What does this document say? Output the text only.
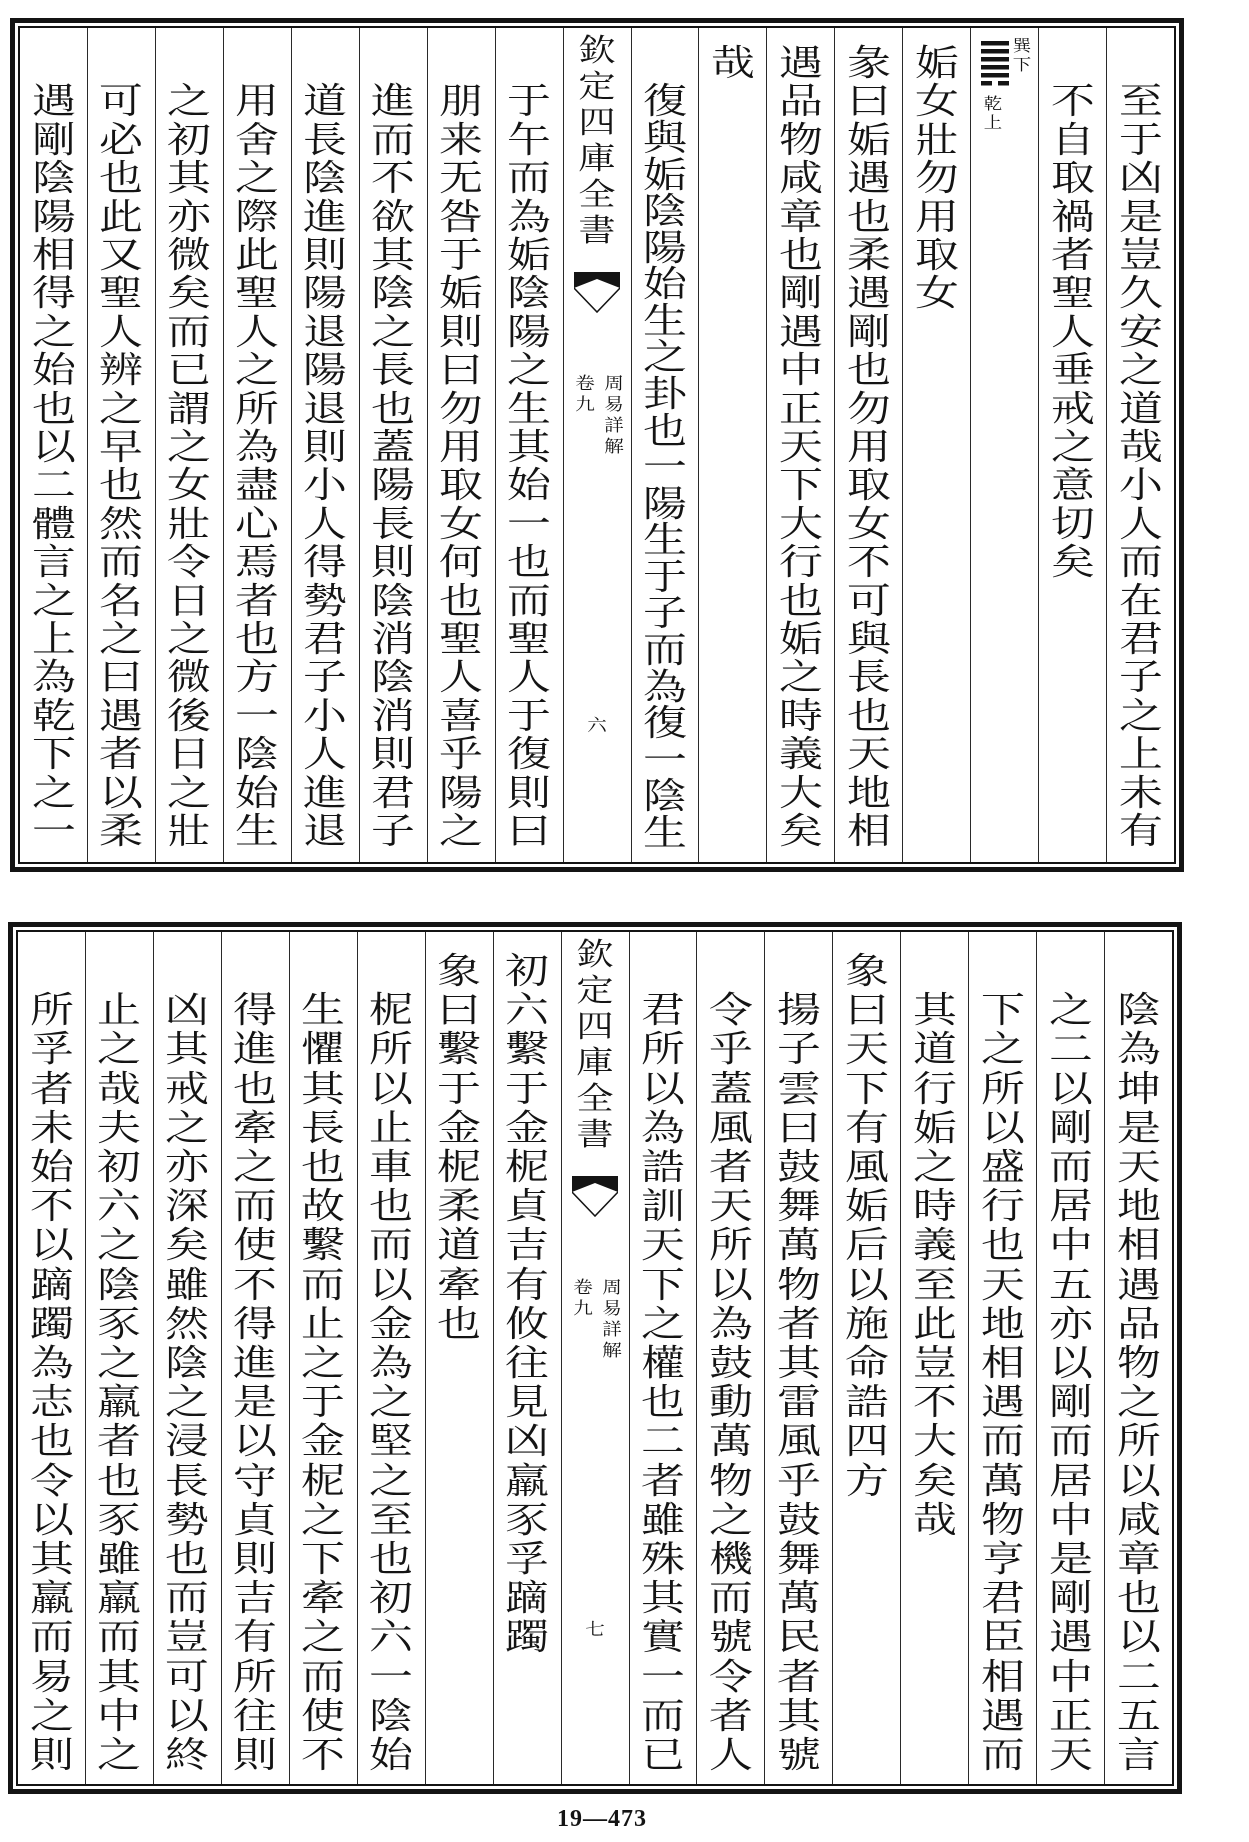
至
于
凶
是
豈
久
安
之
道
哉
小
人
而
在
君
子
之
上
未
有
不
自
取
禍
者
聖
人
垂
戒
之
意
切
矣
巽
下
乾
上
姤
女
壯
勿
用
取
女
彖
曰
姤
遇
也
柔
遇
剛
也
勿
用
取
女
不
可
與
長
也
天
地
相
遇
品
物
咸
章
也
剛
遇
中
正
天
下
大
行
也
姤
之
時
義
大
矣
哉
復
與
姤
陰
陽
始
生
之
卦
也
一
陽
生
于
子
而
為
復
一
陰
生
欽
定
四
庫
全
書
周
易
詳
解
卷
九
六
于
午
而
為
姤
陰
陽
之
生
其
始
一
也
而
聖
人
于
復
則
曰
朋
来
无
咎
于
姤
則
曰
勿
用
取
女
何
也
聖
人
喜
乎
陽
之
進
而
不
欲
其
陰
之
長
也
蓋
陽
長
則
陰
消
陰
消
則
君
子
道
長
陰
進
則
陽
退
陽
退
則
小
人
得
勢
君
子
小
人
進
退
用
舍
之
際
此
聖
人
之
所
為
盡
心
焉
者
也
方
一
陰
始
生
之
初
其
亦
微
矣
而
已
謂
之
女
壯
令
日
之
微
後
日
之
壯
可
必
也
此
又
聖
人
辨
之
早
也
然
而
名
之
曰
遇
者
以
柔
遇
剛
陰
陽
相
得
之
始
也
以
二
體
言
之
上
為
乾
下
之
一
陰
為
坤
是
天
地
相
遇
品
物
之
所
以
咸
章
也
以
二
五
言
之
二
以
剛
而
居
中
五
亦
以
剛
而
居
中
是
剛
遇
中
正
天
下
之
所
以
盛
行
也
天
地
相
遇
而
萬
物
亨
君
臣
相
遇
而
其
道
行
姤
之
時
義
至
此
豈
不
大
矣
哉
象
曰
天
下
有
風
姤
后
以
施
命
誥
四
方
揚
子
雲
曰
鼓
舞
萬
物
者
其
雷
風
乎
鼓
舞
萬
民
者
其
號
令
乎
蓋
風
者
天
所
以
為
鼓
動
萬
物
之
機
而
號
令
者
人
君
所
以
為
誥
訓
天
下
之
權
也
二
者
雖
殊
其
實
一
而
已
欽
定
四
庫
全
書
周
易
詳
解
卷
九
七
初
六
繫
于
金
柅
貞
吉
有
攸
往
見
凶
羸
豕
孚
蹢
躅
象
曰
繫
于
金
柅
柔
道
牽
也
柅
所
以
止
車
也
而
以
金
為
之
堅
之
至
也
初
六
一
陰
始
生
懼
其
長
也
故
繫
而
止
之
于
金
柅
之
下
牽
之
而
使
不
得
進
也
牽
之
而
使
不
得
進
是
以
守
貞
則
吉
有
所
往
則
凶
其
戒
之
亦
深
矣
雖
然
陰
之
浸
長
勢
也
而
豈
可
以
終
止
之
哉
夫
初
六
之
陰
豕
之
羸
者
也
豕
雖
羸
而
其
中
之
所
孚
者
未
始
不
以
蹢
躅
為
志
也
令
以
其
羸
而
易
之
則
19—473
